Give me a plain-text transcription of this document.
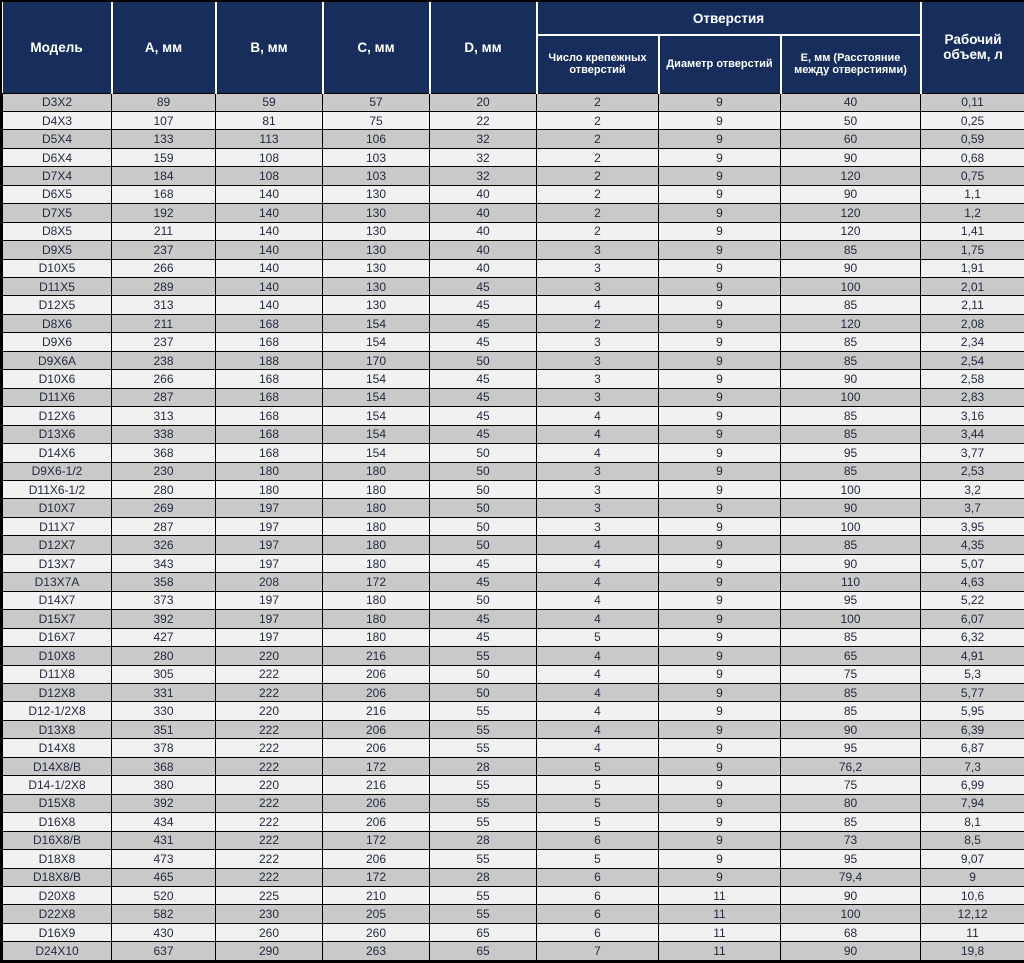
Модель	А, мм	В, мм	С, мм	D, мм	Отверстия			Рабочий объем, л
					Число крепежных отверстий	Диаметр отверстий	Е, мм (Расстояние между отверстиями)	
D3X2	89	59	57	20	2	9	40	0,11
D4X3	107	81	75	22	2	9	50	0,25
D5X4	133	113	106	32	2	9	60	0,59
D6X4	159	108	103	32	2	9	90	0,68
D7X4	184	108	103	32	2	9	120	0,75
D6X5	168	140	130	40	2	9	90	1,1
D7X5	192	140	130	40	2	9	120	1,2
D8X5	211	140	130	40	2	9	120	1,41
D9X5	237	140	130	40	3	9	85	1,75
D10X5	266	140	130	40	3	9	90	1,91
D11X5	289	140	130	45	3	9	100	2,01
D12X5	313	140	130	45	4	9	85	2,11
D8X6	211	168	154	45	2	9	120	2,08
D9X6	237	168	154	45	3	9	85	2,34
D9X6A	238	188	170	50	3	9	85	2,54
D10X6	266	168	154	45	3	9	90	2,58
D11X6	287	168	154	45	3	9	100	2,83
D12X6	313	168	154	45	4	9	85	3,16
D13X6	338	168	154	45	4	9	85	3,44
D14X6	368	168	154	50	4	9	95	3,77
D9X6-1/2	230	180	180	50	3	9	85	2,53
D11X6-1/2	280	180	180	50	3	9	100	3,2
D10X7	269	197	180	50	3	9	90	3,7
D11X7	287	197	180	50	3	9	100	3,95
D12X7	326	197	180	50	4	9	85	4,35
D13X7	343	197	180	45	4	9	90	5,07
D13X7A	358	208	172	45	4	9	110	4,63
D14X7	373	197	180	50	4	9	95	5,22
D15X7	392	197	180	45	4	9	100	6,07
D16X7	427	197	180	45	5	9	85	6,32
D10X8	280	220	216	55	4	9	65	4,91
D11X8	305	222	206	50	4	9	75	5,3
D12X8	331	222	206	50	4	9	85	5,77
D12-1/2X8	330	220	216	55	4	9	85	5,95
D13X8	351	222	206	55	4	9	90	6,39
D14X8	378	222	206	55	4	9	95	6,87
D14X8/B	368	222	172	28	5	9	76,2	7,3
D14-1/2X8	380	220	216	55	5	9	75	6,99
D15X8	392	222	206	55	5	9	80	7,94
D16X8	434	222	206	55	5	9	85	8,1
D16X8/B	431	222	172	28	6	9	73	8,5
D18X8	473	222	206	55	5	9	95	9,07
D18X8/B	465	222	172	28	6	9	79,4	9
D20X8	520	225	210	55	6	11	90	10,6
D22X8	582	230	205	55	6	11	100	12,12
D16X9	430	260	260	65	6	11	68	11
D24X10	637	290	263	65	7	11	90	19,8
